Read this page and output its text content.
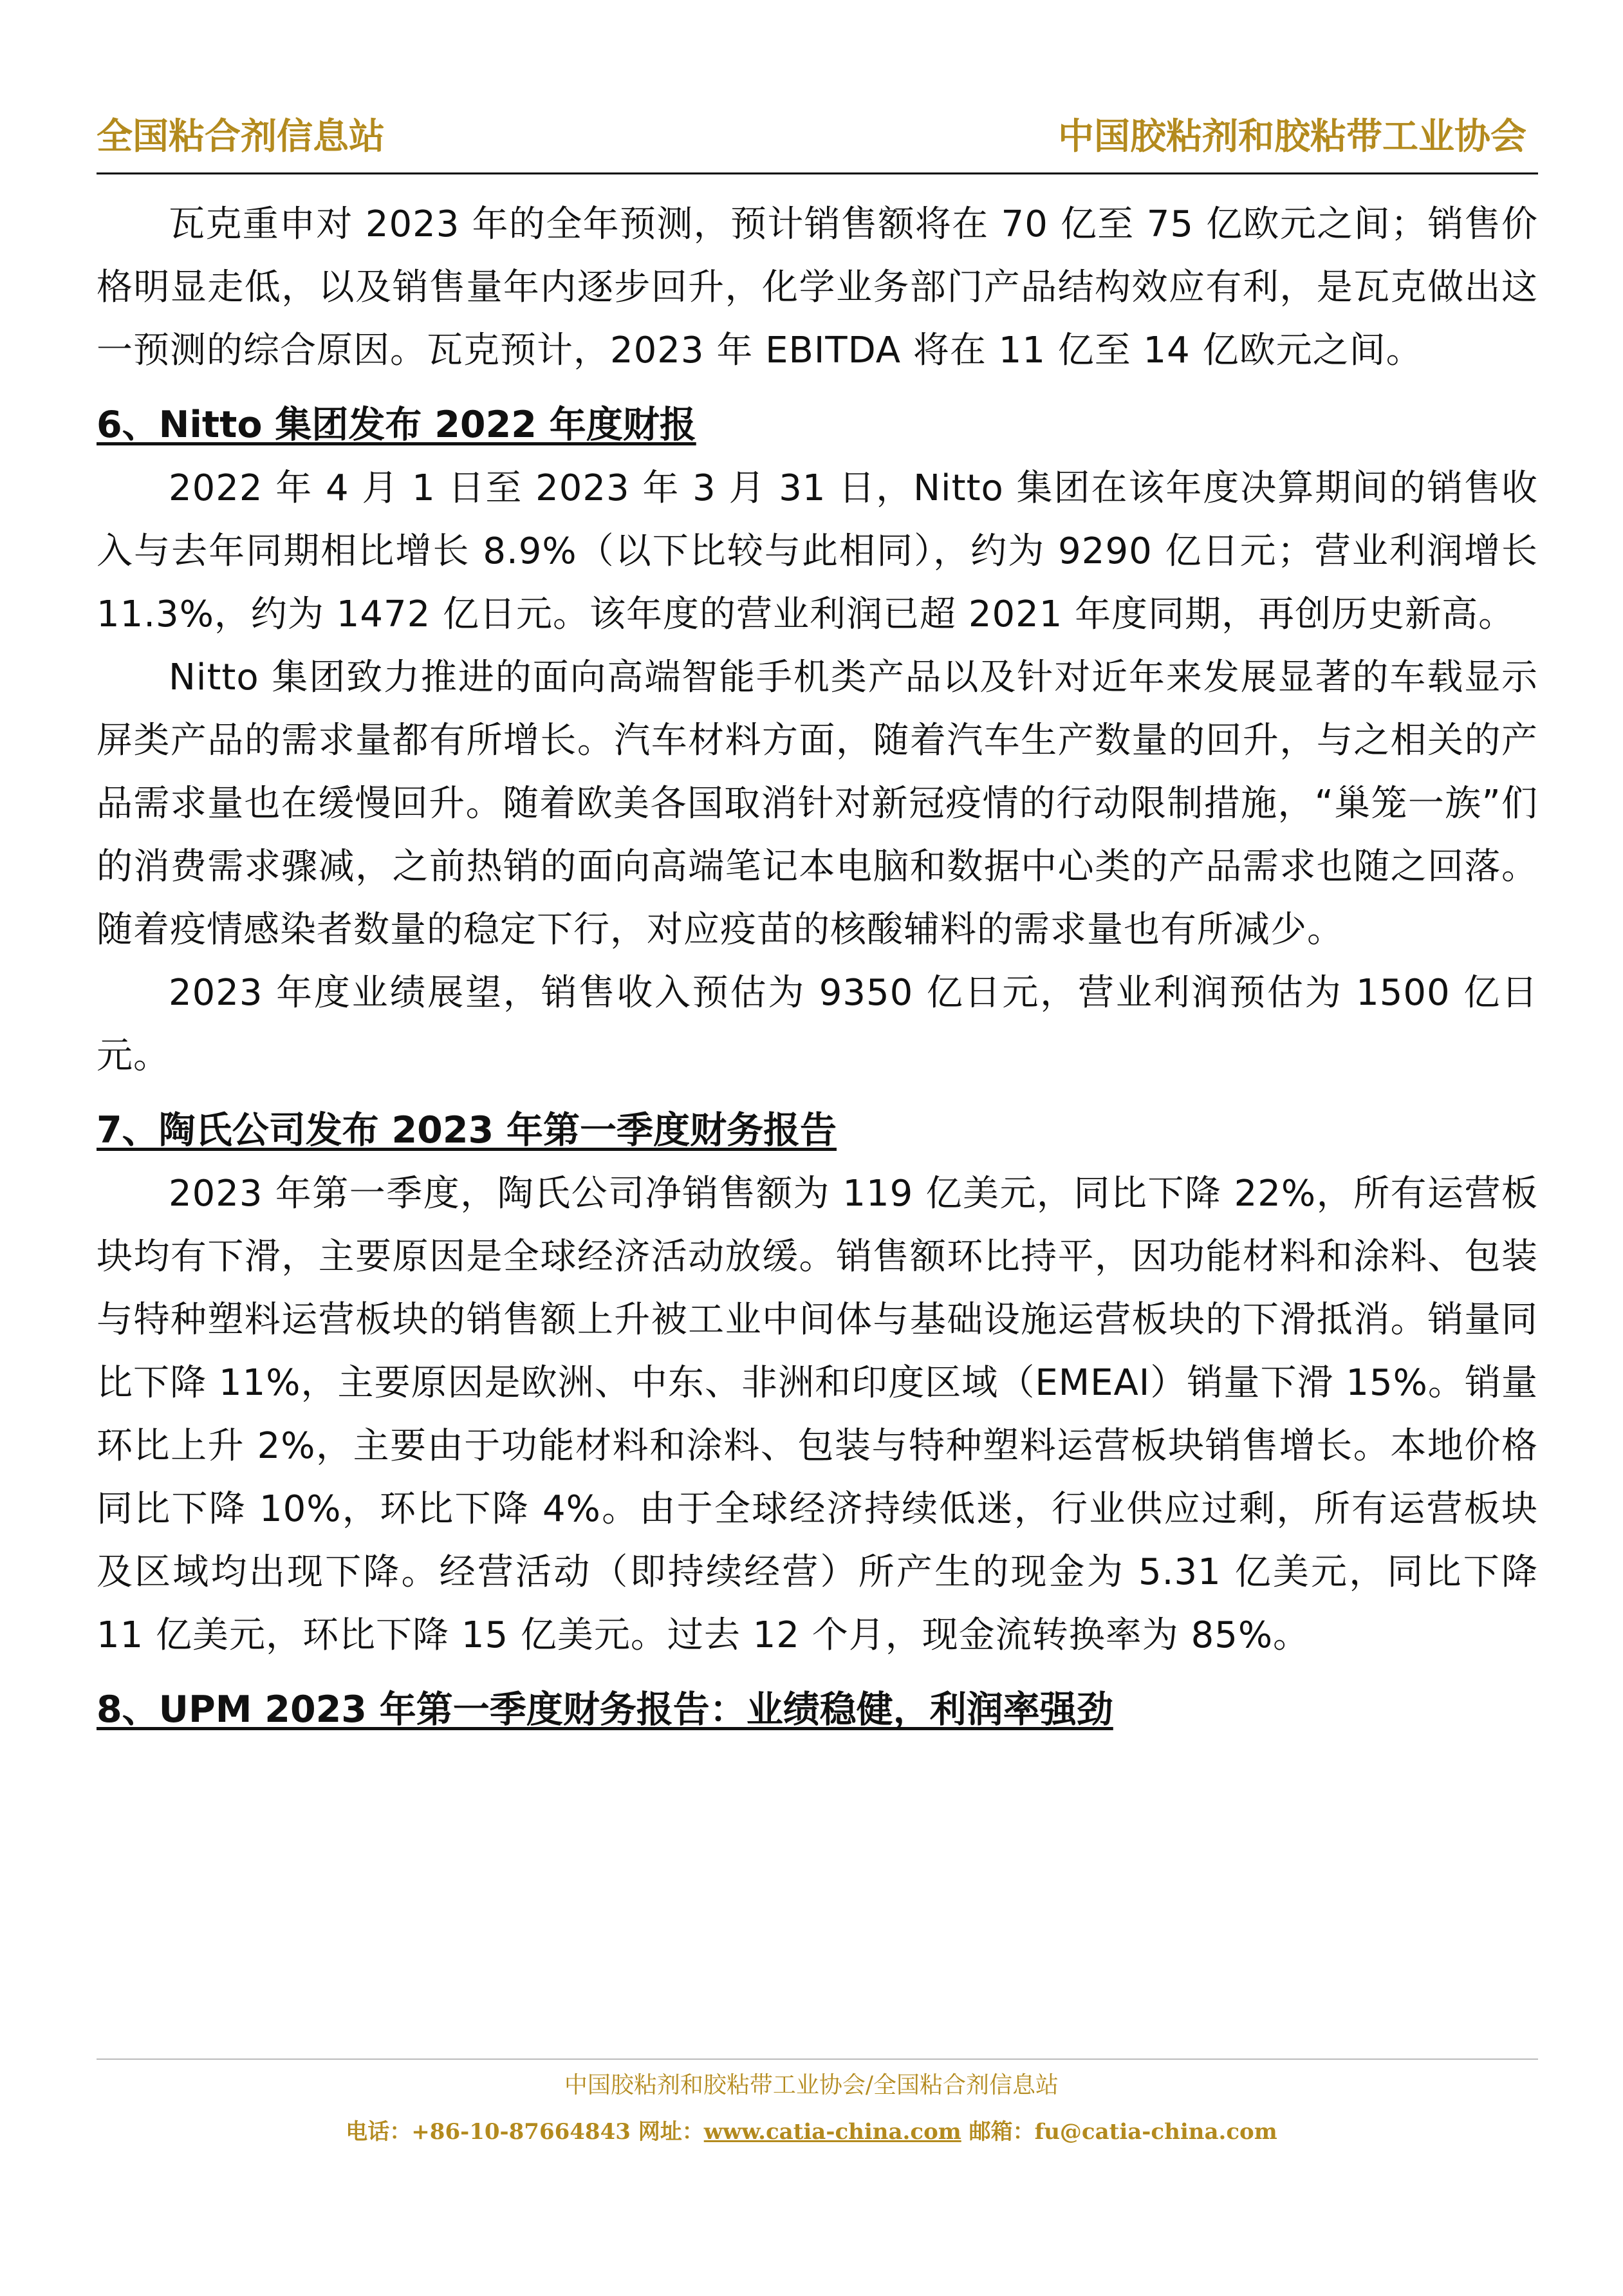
全国粘合剂信息站	中国胶粘剂和胶粘带工业协会

瓦克重申对 2023 年的全年预测，预计销售额将在 70 亿至 75 亿欧元之间；销售价格明显走低，以及销售量年内逐步回升，化学业务部门产品结构效应有利，是瓦克做出这一预测的综合原因。瓦克预计，2023 年 EBITDA 将在 11 亿至 14 亿欧元之间。

6、Nitto 集团发布 2022 年度财报

2022 年 4 月 1 日至 2023 年 3 月 31 日，Nitto 集团在该年度决算期间的销售收入与去年同期相比增长 8.9%（以下比较与此相同），约为 9290 亿日元；营业利润增长 11.3%，约为 1472 亿日元。该年度的营业利润已超 2021 年度同期，再创历史新高。

Nitto 集团致力推进的面向高端智能手机类产品以及针对近年来发展显著的车载显示屏类产品的需求量都有所增长。汽车材料方面，随着汽车生产数量的回升，与之相关的产品需求量也在缓慢回升。随着欧美各国取消针对新冠疫情的行动限制措施，“巢笼一族”们的消费需求骤减，之前热销的面向高端笔记本电脑和数据中心类的产品需求也随之回落。随着疫情感染者数量的稳定下行，对应疫苗的核酸辅料的需求量也有所减少。

2023 年度业绩展望，销售收入预估为 9350 亿日元，营业利润预估为 1500 亿日元。

7、陶氏公司发布 2023 年第一季度财务报告

2023 年第一季度，陶氏公司净销售额为 119 亿美元，同比下降 22%，所有运营板块均有下滑，主要原因是全球经济活动放缓。销售额环比持平，因功能材料和涂料、包装与特种塑料运营板块的销售额上升被工业中间体与基础设施运营板块的下滑抵消。销量同比下降 11%，主要原因是欧洲、中东、非洲和印度区域（EMEAI）销量下滑 15%。销量环比上升 2%，主要由于功能材料和涂料、包装与特种塑料运营板块销售增长。本地价格同比下降 10%，环比下降 4%。由于全球经济持续低迷，行业供应过剩，所有运营板块及区域均出现下降。经营活动（即持续经营）所产生的现金为 5.31 亿美元，同比下降 11 亿美元，环比下降 15 亿美元。过去 12 个月，现金流转换率为 85%。

8、UPM 2023 年第一季度财务报告：业绩稳健，利润率强劲
中国胶粘剂和胶粘带工业协会/全国粘合剂信息站
电话：+86-10-87664843 网址：www.catia-china.com 邮箱：fu@catia-china.com
